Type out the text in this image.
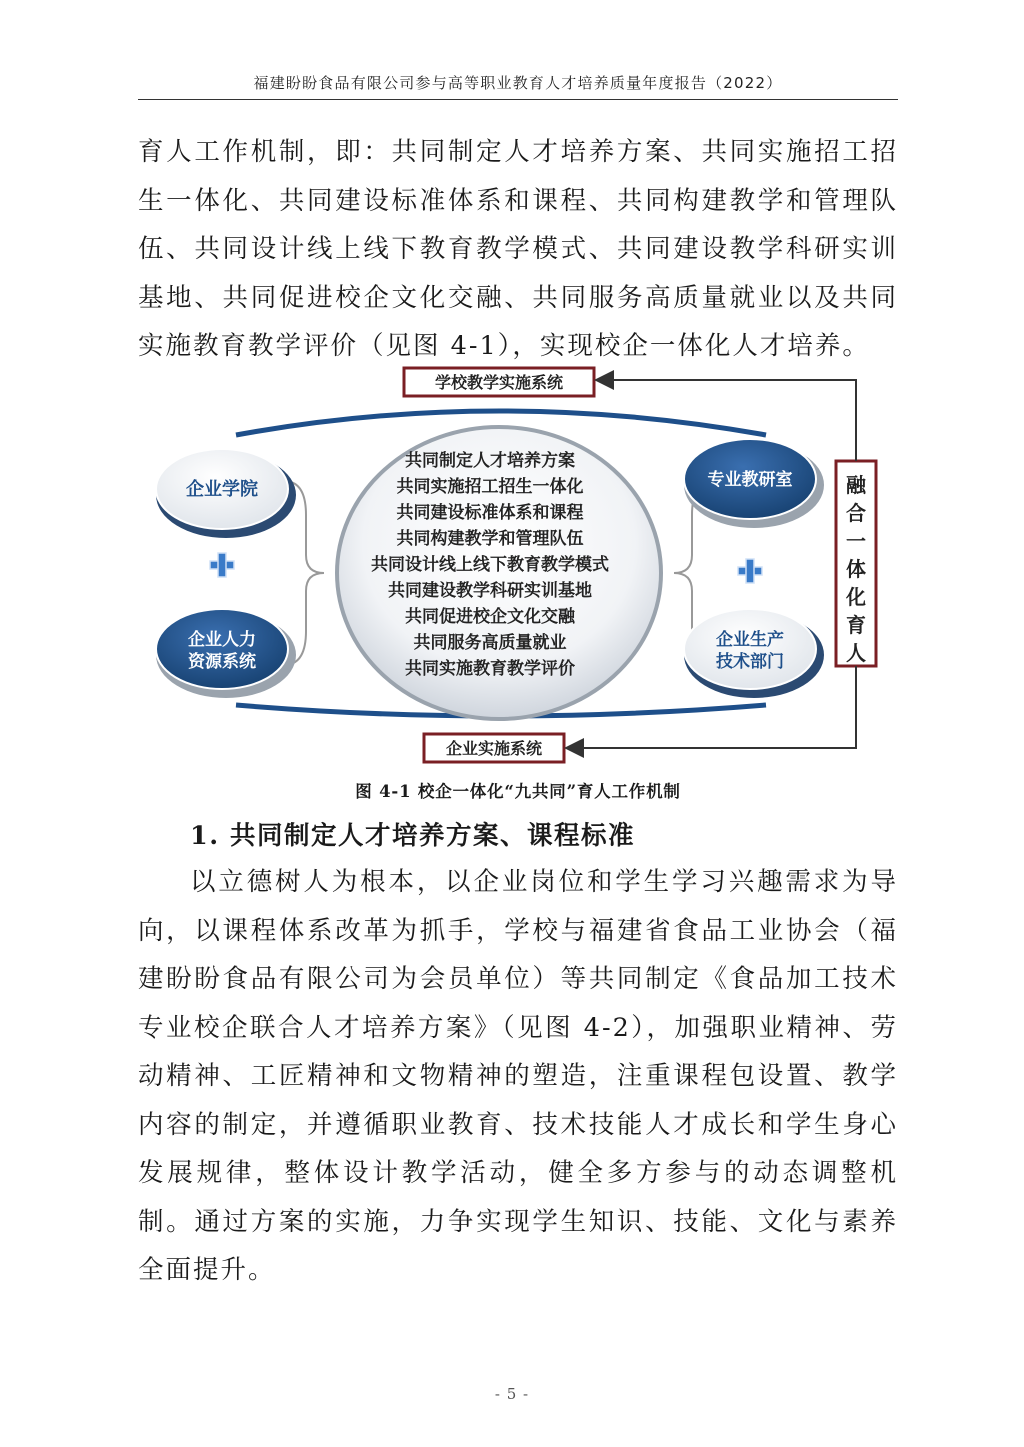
福建盼盼食品有限公司参与高等职业教育人才培养质量年度报告（2022）

育人工作机制，即：共同制定人才培养方案、共同实施招工招生一体化、共同建设标准体系和课程、共同构建教学和管理队伍、共同设计线上线下教育教学模式、共同建设教学科研实训基地、共同促进校企文化交融、共同服务高质量就业以及共同实施教育教学评价（见图 4-1），实现校企一体化人才培养。

学校教学实施系统
企业实施系统
融
合
一
体
化
育
人
共同制定人才培养方案
共同实施招工招生一体化
共同建设标准体系和课程
共同构建教学和管理队伍
共同设计线上线下教育教学模式
共同建设教学科研实训基地
共同促进校企文化交融
共同服务高质量就业
共同实施教育教学评价
企业学院
企业人力
资源系统
专业教研室
企业生产
技术部门
图 4-1 校企一体化“九共同”育人工作机制
1. 共同制定人才培养方案、课程标准

以立德树人为根本，以企业岗位和学生学习兴趣需求为导向，以课程体系改革为抓手，学校与福建省食品工业协会（福建盼盼食品有限公司为会员单位）等共同制定《食品加工技术专业校企联合人才培养方案》（见图 4-2），加强职业精神、劳动精神、工匠精神和文物精神的塑造，注重课程包设置、教学内容的制定，并遵循职业教育、技术技能人才成长和学生身心发展规律，整体设计教学活动，健全多方参与的动态调整机制。通过方案的实施，力争实现学生知识、技能、文化与素养全面提升。

- 5 -
